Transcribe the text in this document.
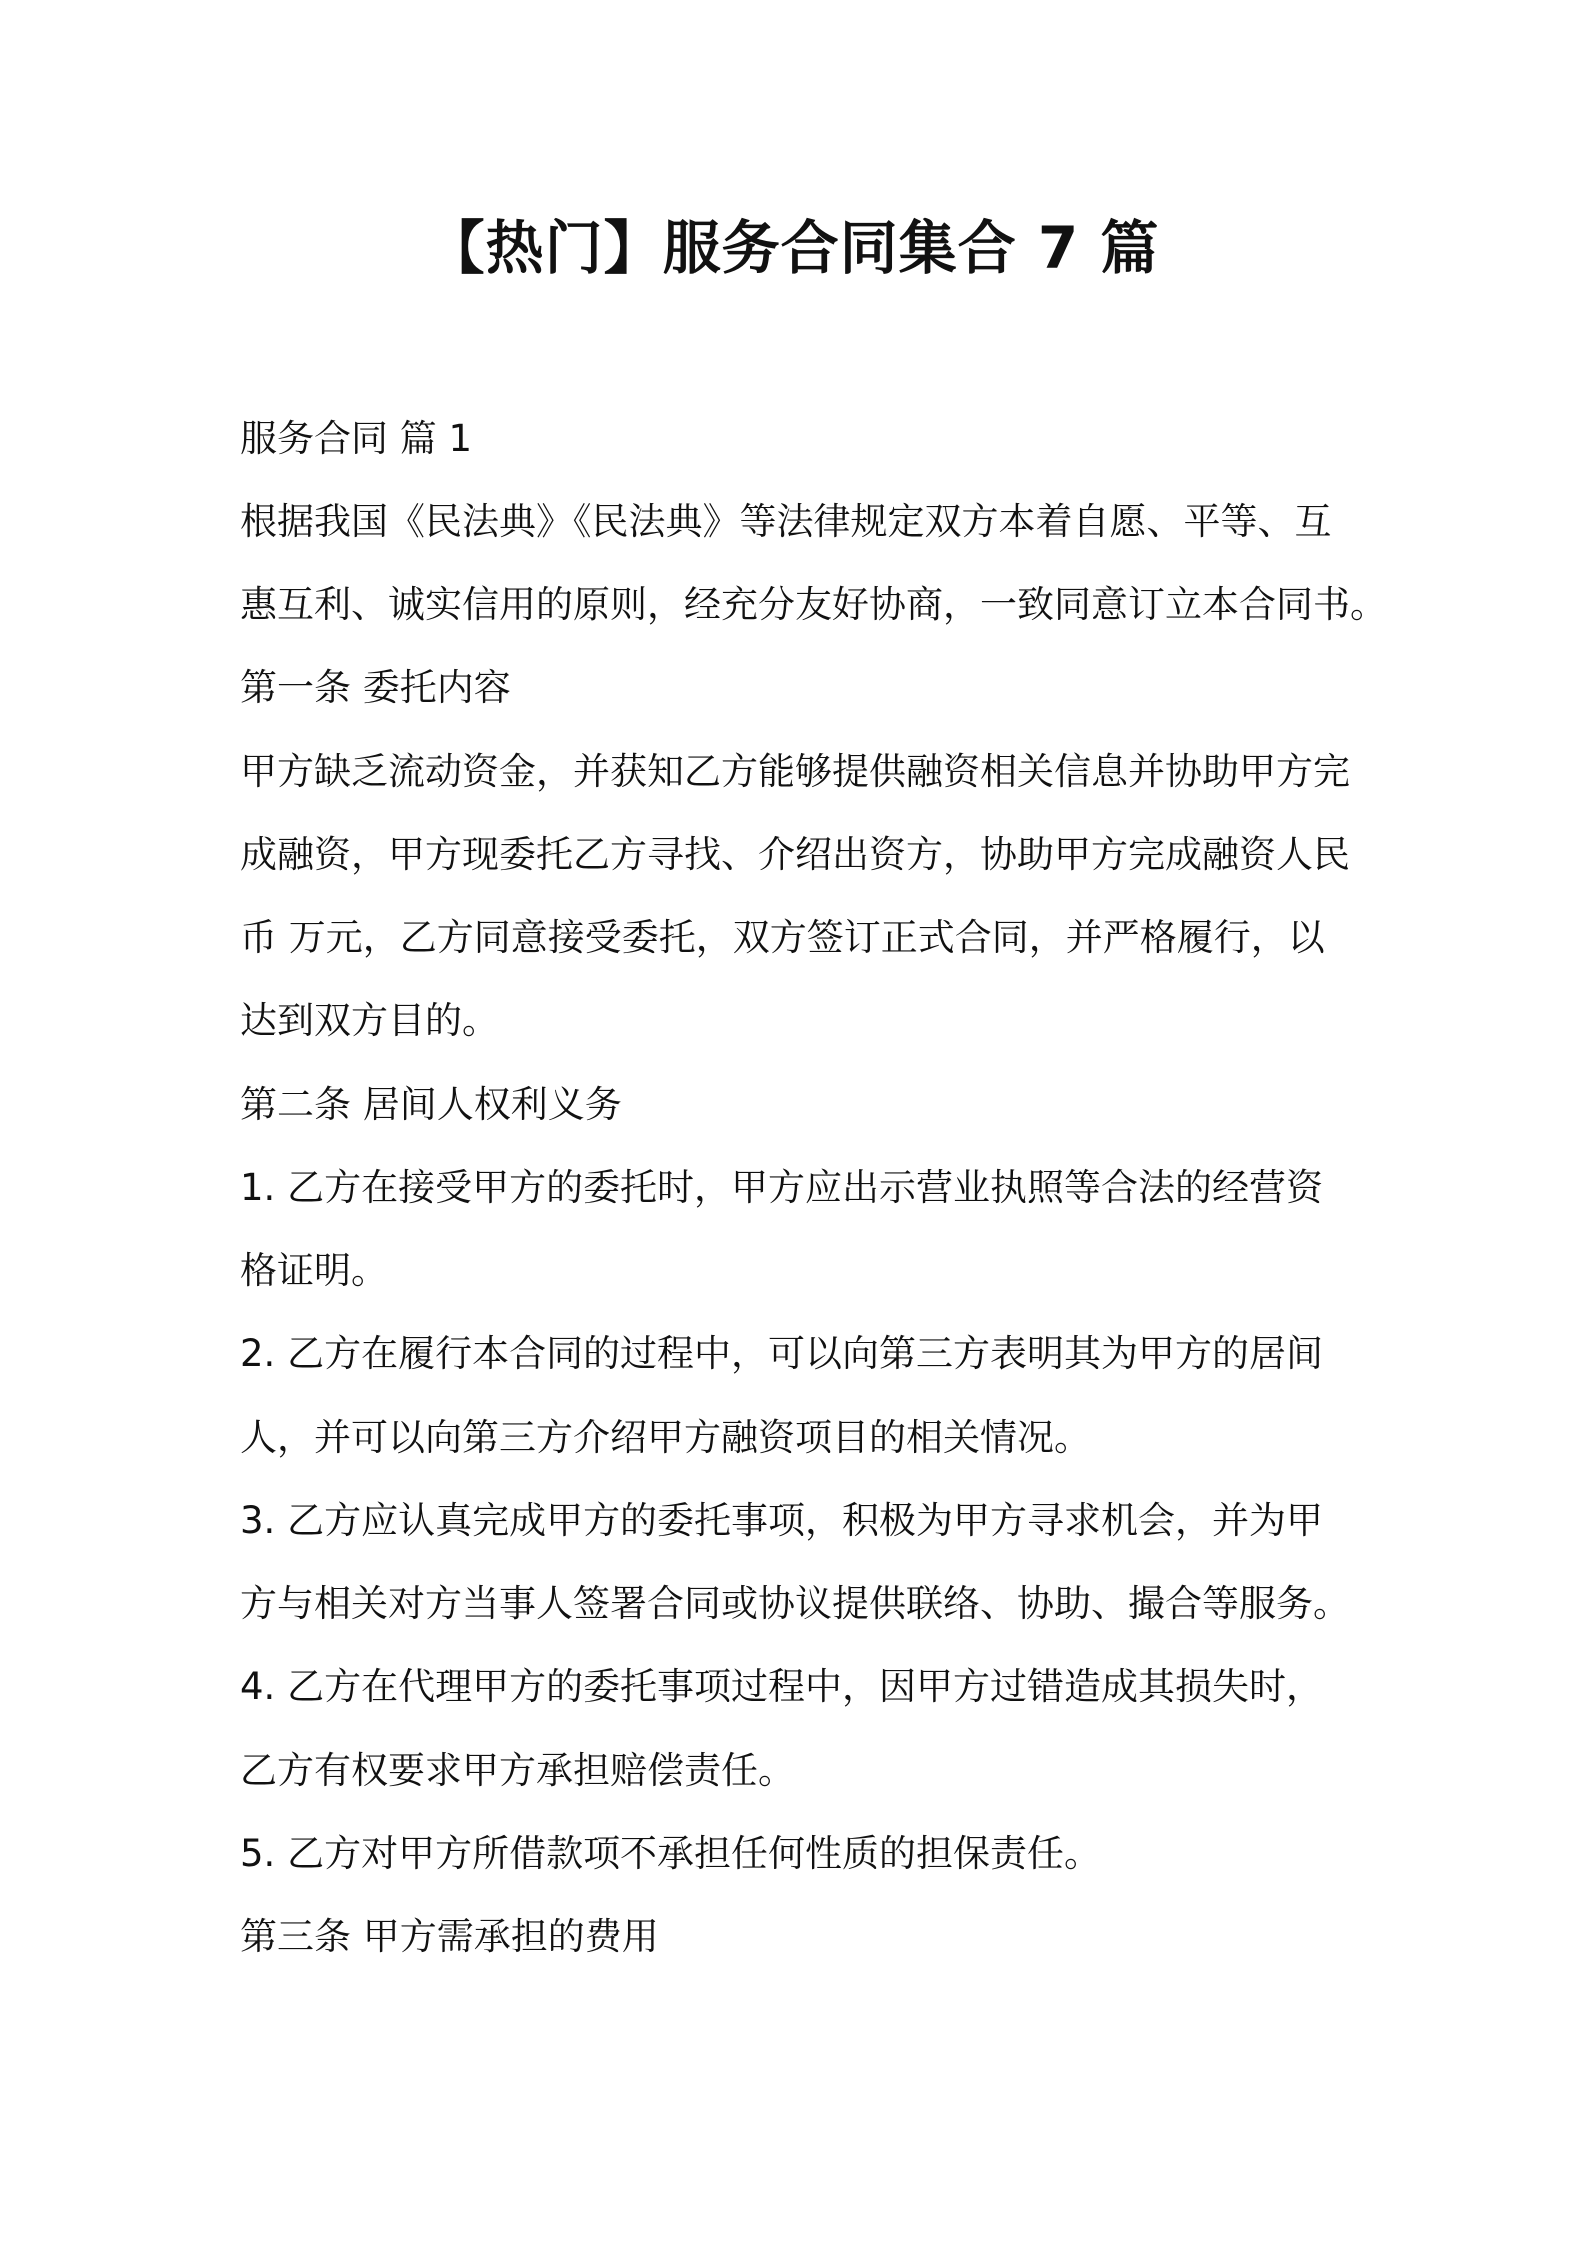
【热门】服务合同集合 7 篇

服务合同 篇 1

根据我国《民法典》《民法典》等法律规定双方本着自愿、平等、互

惠互利、诚实信用的原则，经充分友好协商，一致同意订立本合同书。

第一条 委托内容

甲方缺乏流动资金，并获知乙方能够提供融资相关信息并协助甲方完

成融资，甲方现委托乙方寻找、介绍出资方，协助甲方完成融资人民

币 万元，乙方同意接受委托，双方签订正式合同，并严格履行，以

达到双方目的。

第二条 居间人权利义务

1. 乙方在接受甲方的委托时，甲方应出示营业执照等合法的经营资

格证明。

2. 乙方在履行本合同的过程中，可以向第三方表明其为甲方的居间

人，并可以向第三方介绍甲方融资项目的相关情况。

3. 乙方应认真完成甲方的委托事项，积极为甲方寻求机会，并为甲

方与相关对方当事人签署合同或协议提供联络、协助、撮合等服务。

4. 乙方在代理甲方的委托事项过程中，因甲方过错造成其损失时，

乙方有权要求甲方承担赔偿责任。

5. 乙方对甲方所借款项不承担任何性质的担保责任。

第三条 甲方需承担的费用
